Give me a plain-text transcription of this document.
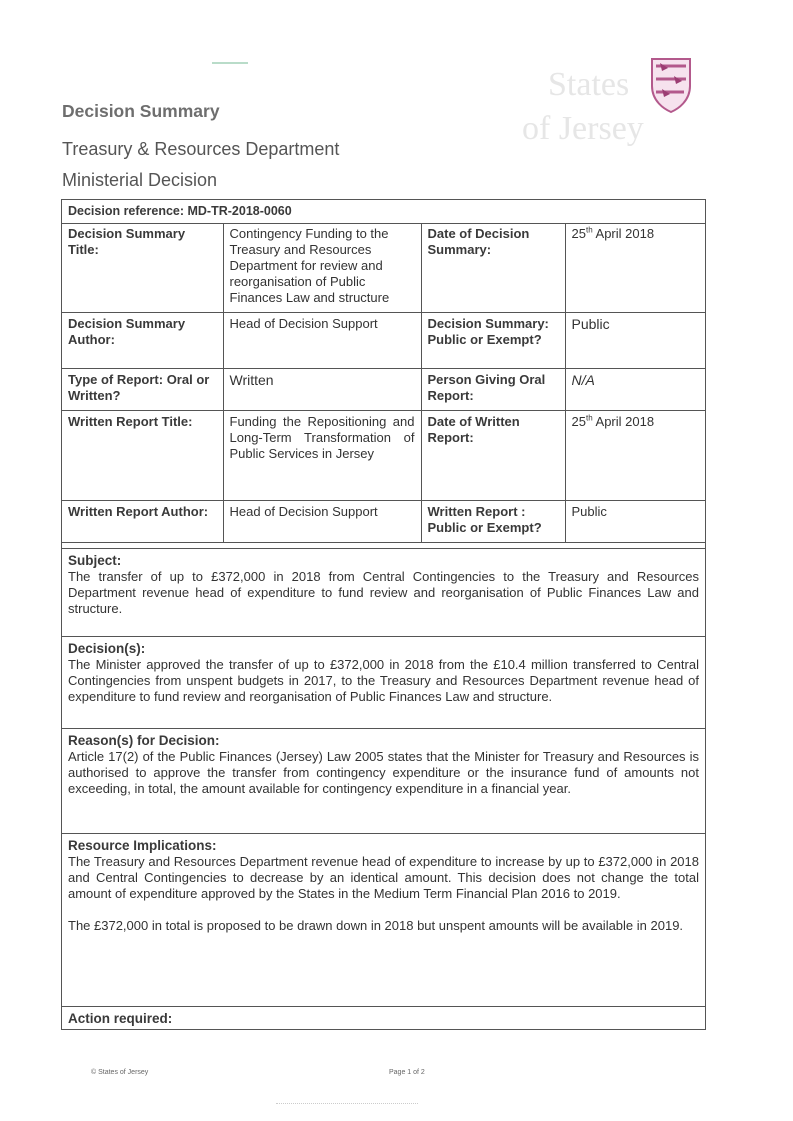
States
of Jersey
Decision Summary
Treasury & Resources Department
Ministerial Decision
Decision reference: MD-TR-2018-0060
Decision Summary Title:	Contingency Funding to the Treasury and Resources Department for review and reorganisation of Public Finances Law and structure	Date of Decision Summary:	25th April 2018
Decision Summary Author:	Head of Decision Support	Decision Summary: Public or Exempt?	Public
Type of Report: Oral or Written?	Written	Person Giving Oral Report:	N/A
Written Report Title:	Funding the Repositioning and Long-Term Transformation of Public Services in Jersey	Date of Written Report:	25th April 2018
Written Report Author:	Head of Decision Support	Written Report : Public or Exempt?	Public
Subject:

The transfer of up to £372,000 in 2018 from Central Contingencies to the Treasury and Resources Department revenue head of expenditure to fund review and reorganisation of Public Finances Law and structure.

Decision(s):

The Minister approved the transfer of up to £372,000 in 2018 from the £10.4 million transferred to Central Contingencies from unspent budgets in 2017, to the Treasury and Resources Department revenue head of expenditure to fund review and reorganisation of Public Finances Law and structure.

Reason(s) for Decision:

Article 17(2) of the Public Finances (Jersey) Law 2005 states that the Minister for Treasury and Resources is authorised to approve the transfer from contingency expenditure or the insurance fund of amounts not exceeding, in total, the amount available for contingency expenditure in a financial year.

Resource Implications:

The Treasury and Resources Department revenue head of expenditure to increase by up to £372,000 in 2018 and Central Contingencies to decrease by an identical amount. This decision does not change the total amount of expenditure approved by the States in the Medium Term Financial Plan 2016 to 2019.

The £372,000 in total is proposed to be drawn down in 2018 but unspent amounts will be available in 2019.

Action required:
© States of Jersey	Page 1 of 2
